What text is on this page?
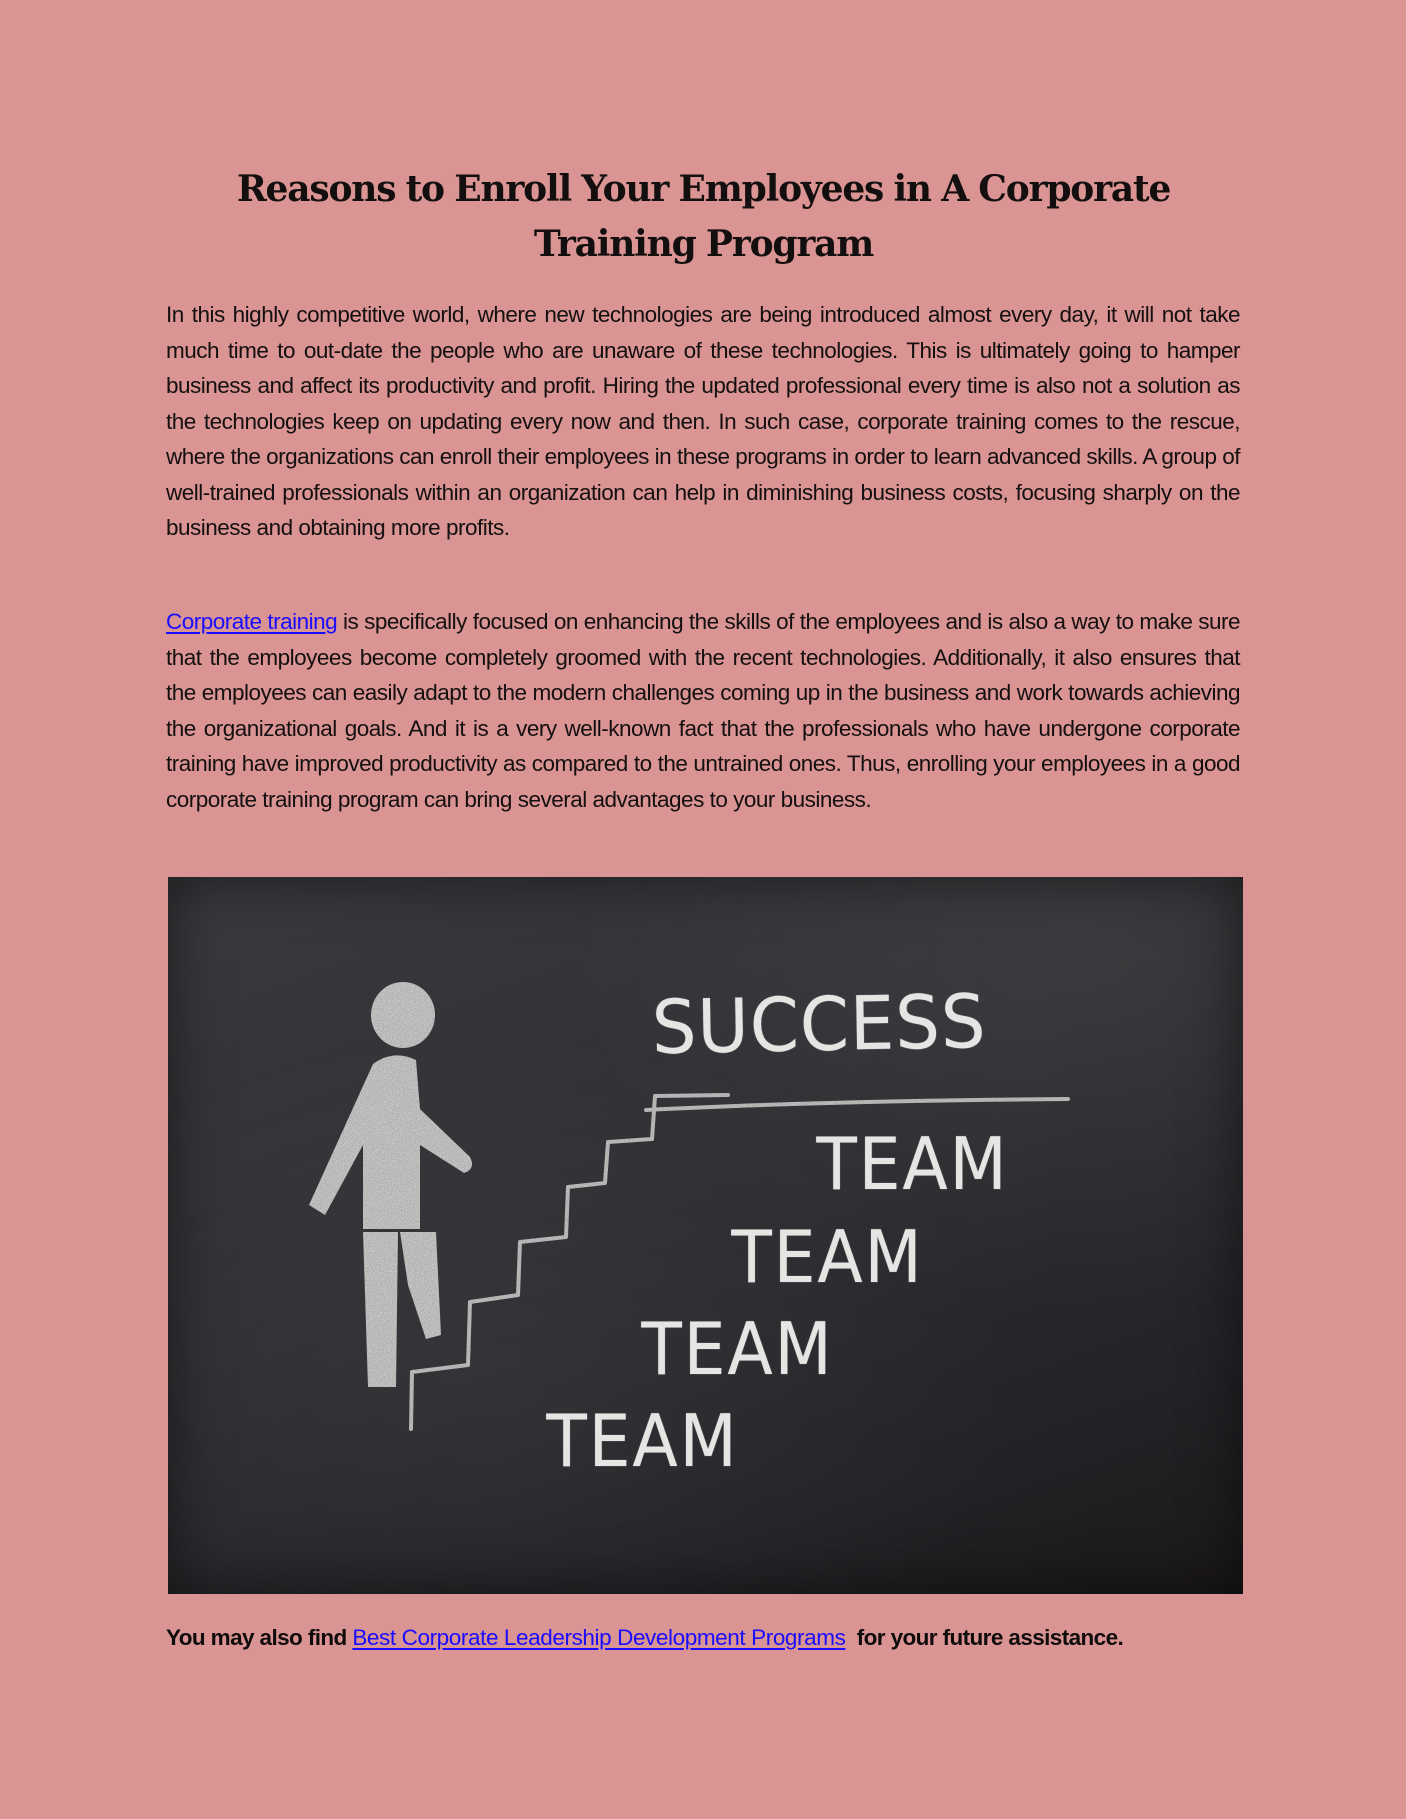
Reasons to Enroll Your Employees in A Corporate Training Program

In this highly competitive world, where new technologies are being introduced almost every day, it will not take much time to out-date the people who are unaware of these technologies. This is ultimately going to hamper business and affect its productivity and profit. Hiring the updated professional every time is also not a solution as the technologies keep on updating every now and then. In such case, corporate training comes to the rescue, where the organizations can enroll their employees in these programs in order to learn advanced skills. A group of well-trained professionals within an organization can help in diminishing business costs, focusing sharply on the business and obtaining more profits.

Corporate training is specifically focused on enhancing the skills of the employees and is also a way to make sure that the employees become completely groomed with the recent technologies. Additionally, it also ensures that the employees can easily adapt to the modern challenges coming up in the business and work towards achieving the organizational goals. And it is a very well-known fact that the professionals who have undergone corporate training have improved productivity as compared to the untrained ones. Thus, enrolling your employees in a good corporate training program can bring several advantages to your business.

SUCCESS
TEAM
TEAM
TEAM
TEAM

You may also find Best Corporate Leadership Development Programs  for your future assistance.
